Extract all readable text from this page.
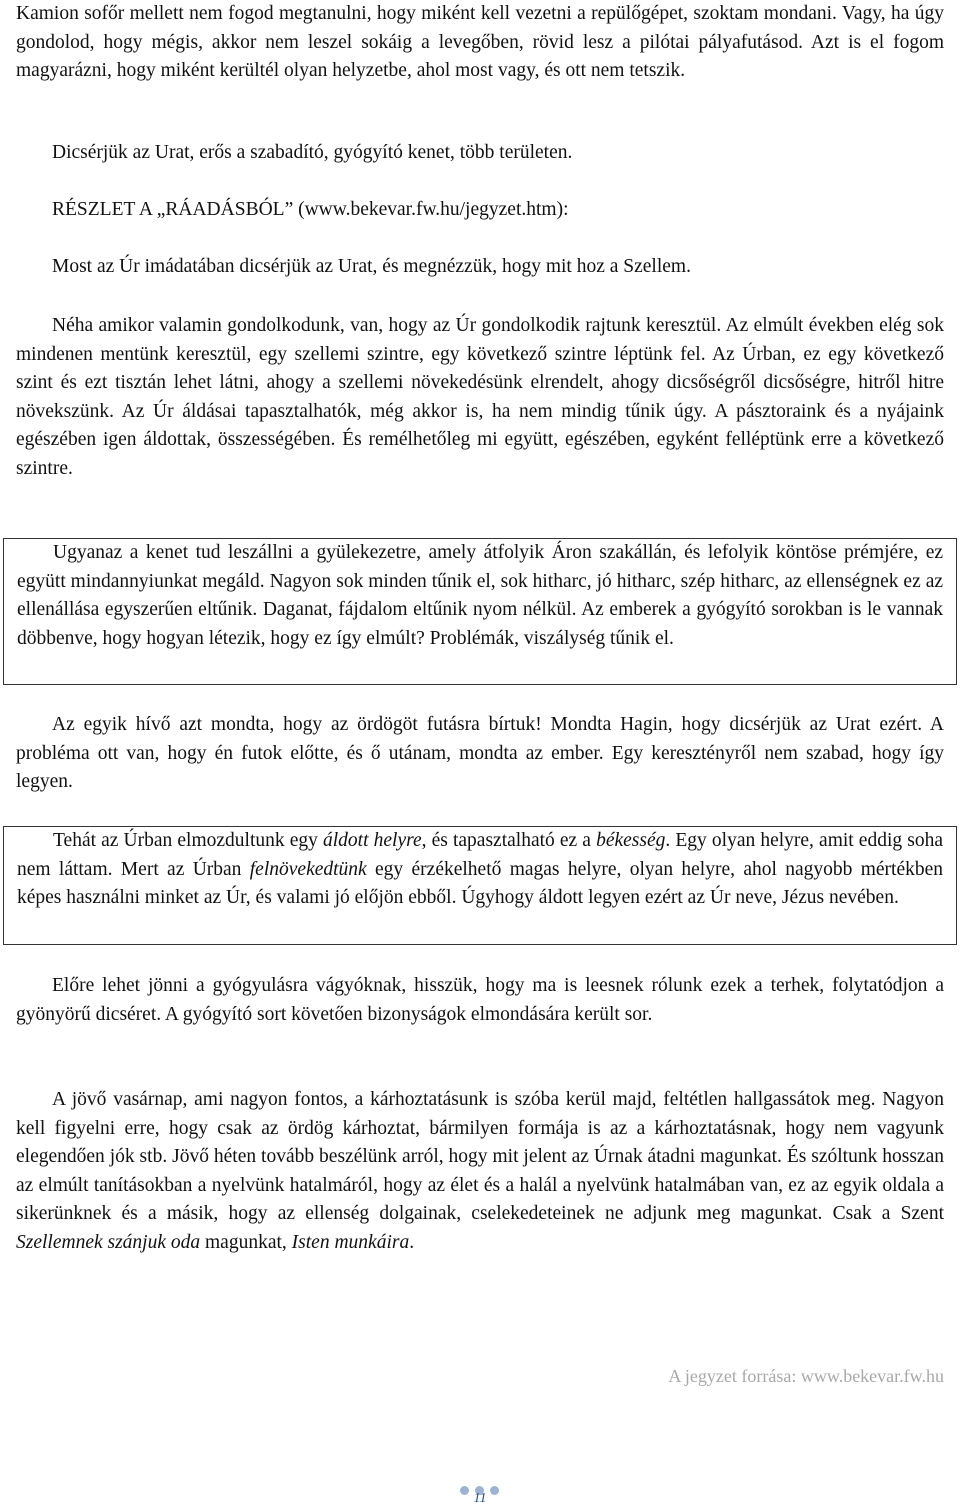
Kamion sofőr mellett nem fogod megtanulni, hogy miként kell vezetni a repülőgépet, szoktam mondani. Vagy, ha úgy gondolod, hogy mégis, akkor nem leszel sokáig a levegőben, rövid lesz a pilótai pályafutásod. Azt is el fogom magyarázni, hogy miként kerültél olyan helyzetbe, ahol most vagy, és ott nem tetszik.

Dicsérjük az Urat, erős a szabadító, gyógyító kenet, több területen.

RÉSZLET A „RÁADÁSBÓL” (www.bekevar.fw.hu/jegyzet.htm):

Most az Úr imádatában dicsérjük az Urat, és megnézzük, hogy mit hoz a Szellem.

Néha amikor valamin gondolkodunk, van, hogy az Úr gondolkodik rajtunk keresztül. Az elmúlt években elég sok mindenen mentünk keresztül, egy szellemi szintre, egy következő szintre léptünk fel. Az Úrban, ez egy következő szint és ezt tisztán lehet látni, ahogy a szellemi növekedésünk elrendelt, ahogy dicsőségről dicsőségre, hitről hitre növekszünk. Az Úr áldásai tapasztalhatók, még akkor is, ha nem mindig tűnik úgy. A pásztoraink és a nyájaink egészében igen áldottak, összességében. És remélhetőleg mi együtt, egészében, egyként felléptünk erre a következő szintre.

Ugyanaz a kenet tud leszállni a gyülekezetre, amely átfolyik Áron szakállán, és lefolyik köntöse prémjére, ez együtt mindannyiunkat megáld. Nagyon sok minden tűnik el, sok hitharc, jó hitharc, szép hitharc, az ellenségnek ez az ellenállása egyszerűen eltűnik. Daganat, fájdalom eltűnik nyom nélkül. Az emberek a gyógyító sorokban is le vannak döbbenve, hogy hogyan létezik, hogy ez így elmúlt? Problémák, viszálység tűnik el.

Az egyik hívő azt mondta, hogy az ördögöt futásra bírtuk! Mondta Hagin, hogy dicsérjük az Urat ezért. A probléma ott van, hogy én futok előtte, és ő utánam, mondta az ember. Egy keresztényről nem szabad, hogy így legyen.

Tehát az Úrban elmozdultunk egy áldott helyre, és tapasztalható ez a békesség. Egy olyan helyre, amit eddig soha nem láttam. Mert az Úrban felnövekedtünk egy érzékelhető magas helyre, olyan helyre, ahol nagyobb mértékben képes használni minket az Úr, és valami jó előjön ebből. Úgyhogy áldott legyen ezért az Úr neve, Jézus nevében.

Előre lehet jönni a gyógyulásra vágyóknak, hisszük, hogy ma is leesnek rólunk ezek a terhek, folytatódjon a gyönyörű dicséret. A gyógyító sort követően bizonyságok elmondására került sor.

A jövő vasárnap, ami nagyon fontos, a kárhoztatásunk is szóba kerül majd, feltétlen hallgassátok meg. Nagyon kell figyelni erre, hogy csak az ördög kárhoztat, bármilyen formája is az a kárhoztatásnak, hogy nem vagyunk elegendően jók stb. Jövő héten tovább beszélünk arról, hogy mit jelent az Úrnak átadni magunkat. És szóltunk hosszan az elmúlt tanításokban a nyelvünk hatalmáról, hogy az élet és a halál a nyelvünk hatalmában van, ez az egyik oldala a sikerünknek és a másik, hogy az ellenség dolgainak, cselekedeteinek ne adjunk meg magunkat. Csak a Szent Szellemnek szánjuk oda magunkat, Isten munkáira.

A jegyzet forrása: www.bekevar.fw.hu
11
